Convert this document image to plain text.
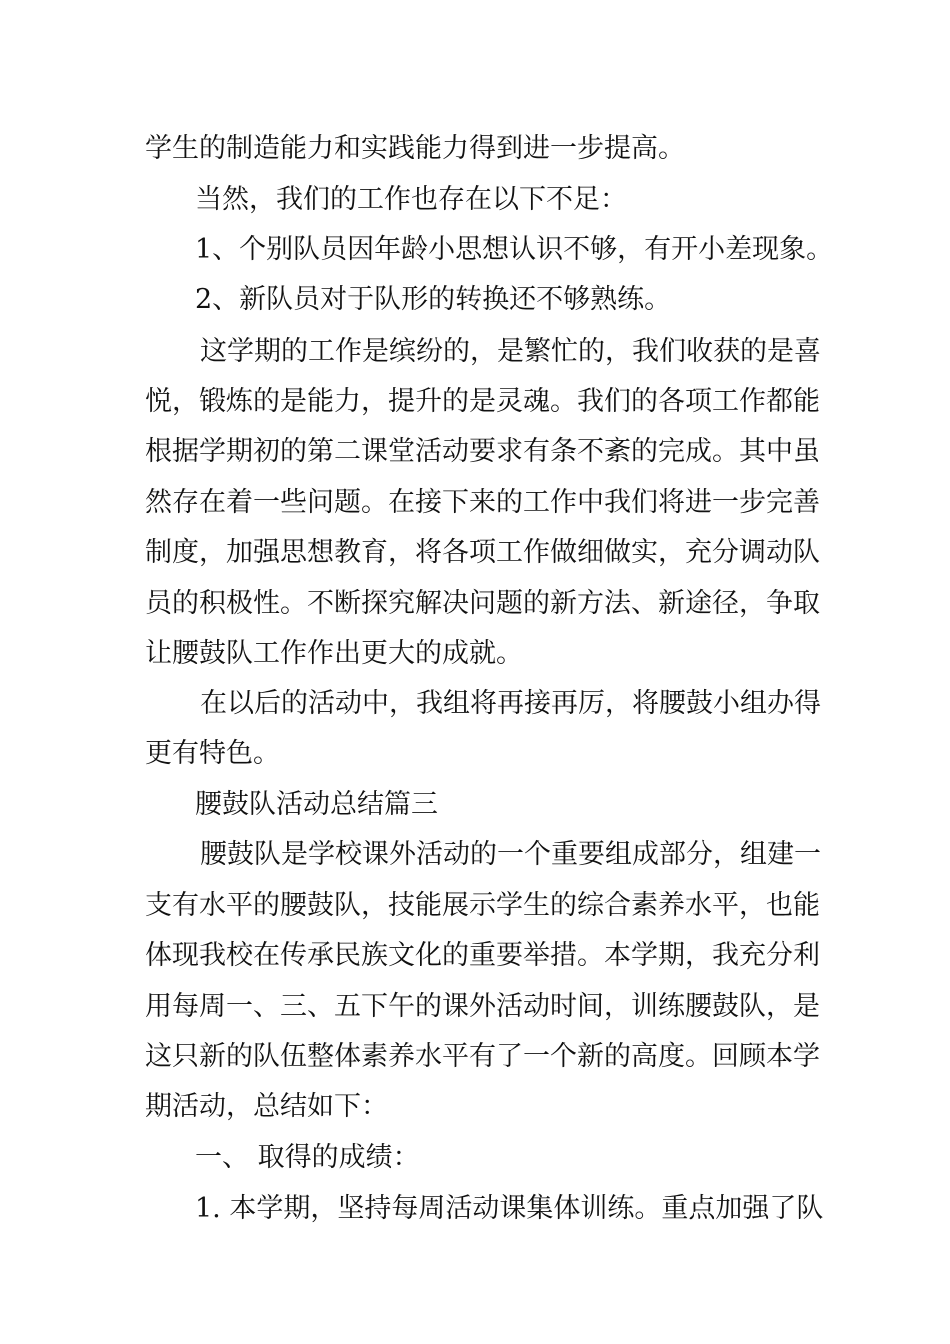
学生的制造能力和实践能力得到进一步提高。
当然，我们的工作也存在以下不足：
1、个别队员因年龄小思想认识不够，有开小差现象。
2、新队员对于队形的转换还不够熟练。
这学期的工作是缤纷的，是繁忙的，我们收获的是喜
悦，锻炼的是能力，提升的是灵魂。我们的各项工作都能
根据学期初的第二课堂活动要求有条不紊的完成。其中虽
然存在着一些问题。在接下来的工作中我们将进一步完善
制度，加强思想教育，将各项工作做细做实，充分调动队
员的积极性。不断探究解决问题的新方法、新途径，争取
让腰鼓队工作作出更大的成就。
在以后的活动中，我组将再接再厉，将腰鼓小组办得
更有特色。
腰鼓队活动总结篇三
腰鼓队是学校课外活动的一个重要组成部分，组建一
支有水平的腰鼓队，技能展示学生的综合素养水平，也能
体现我校在传承民族文化的重要举措。本学期，我充分利
用每周一、三、五下午的课外活动时间，训练腰鼓队，是
这只新的队伍整体素养水平有了一个新的高度。回顾本学
期活动，总结如下：
一、 取得的成绩：
1. 本学期，坚持每周活动课集体训练。重点加强了队
